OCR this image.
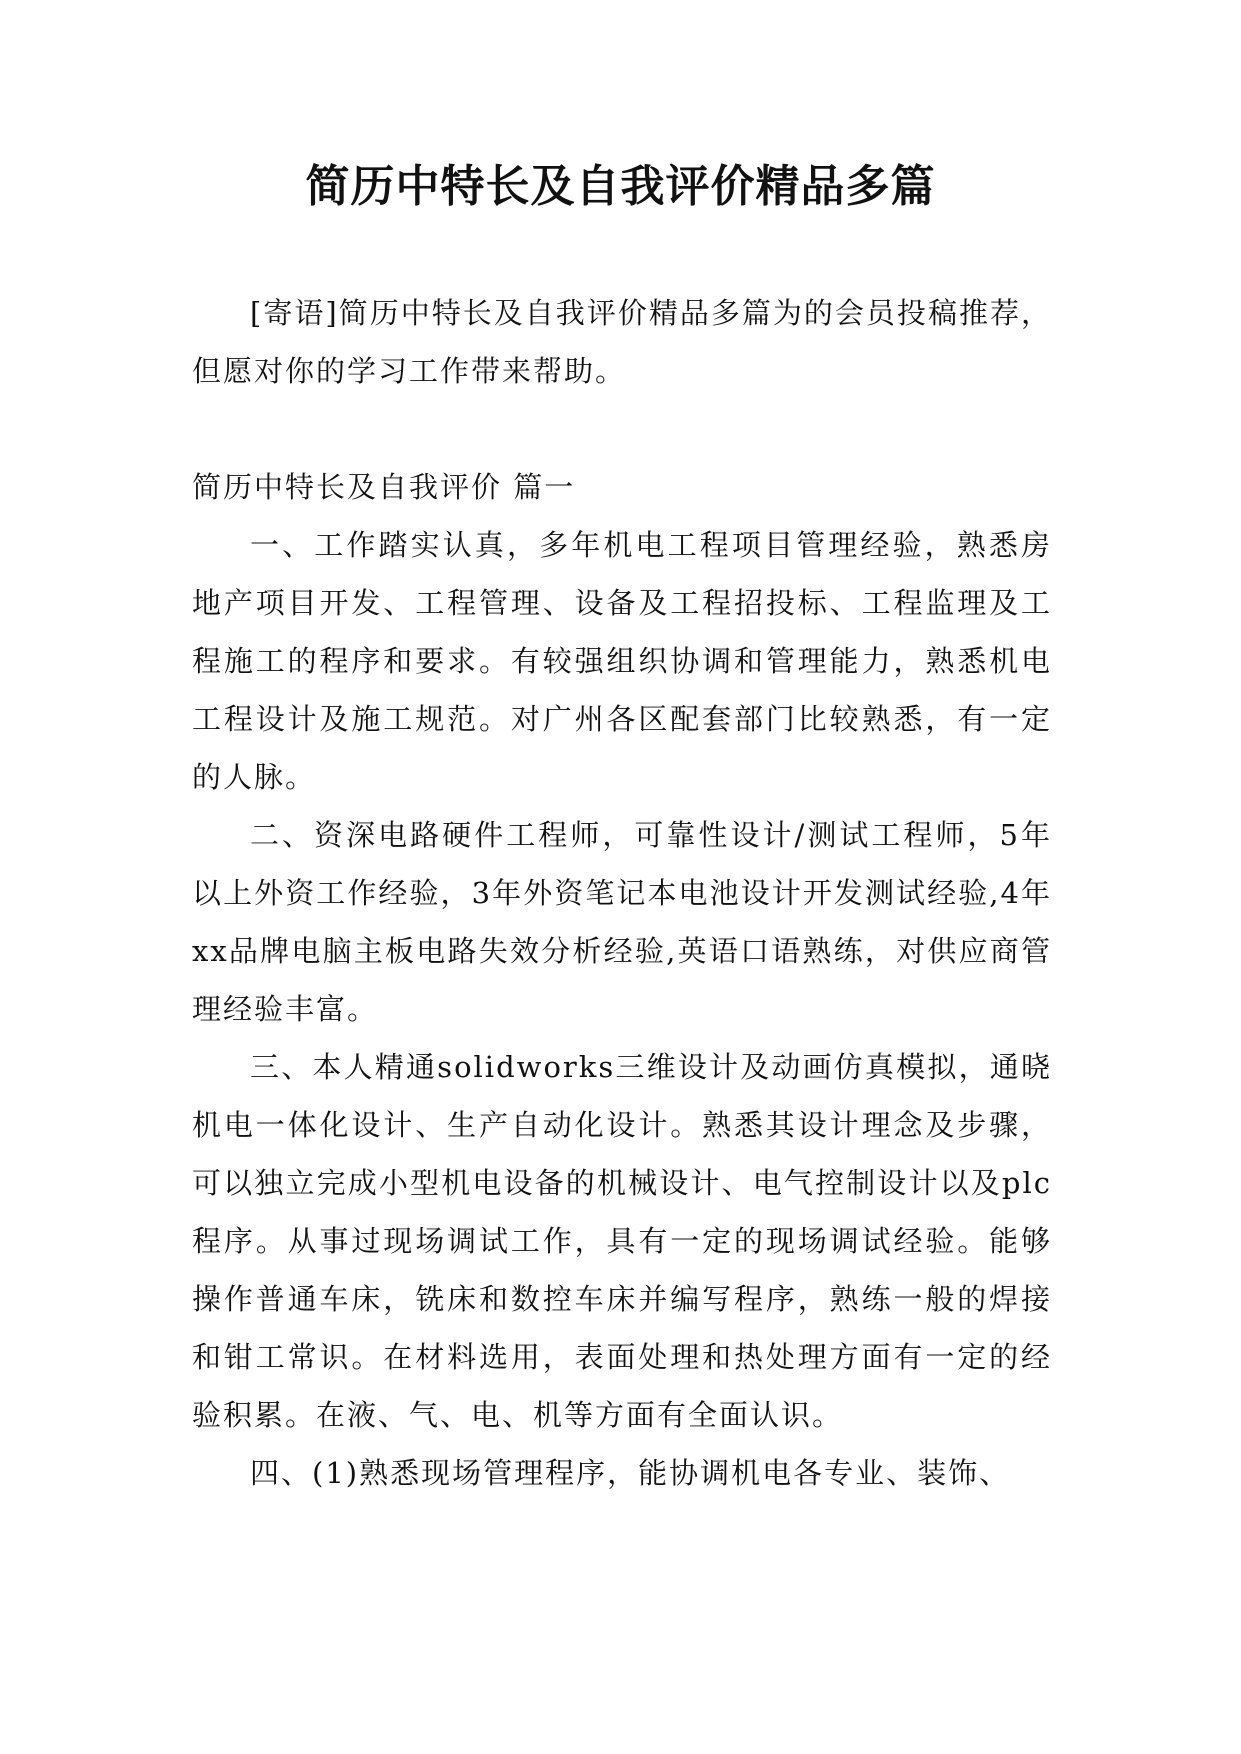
简历中特长及自我评价精品多篇

[寄语]简历中特长及自我评价精品多篇为的会员投稿推荐，但愿对你的学习工作带来帮助。

简历中特长及自我评价 篇一

一、工作踏实认真，多年机电工程项目管理经验，熟悉房地产项目开发、工程管理、设备及工程招投标、工程监理及工程施工的程序和要求。有较强组织协调和管理能力，熟悉机电工程设计及施工规范。对广州各区配套部门比较熟悉，有一定的人脉。

二、资深电路硬件工程师，可靠性设计/测试工程师，5年以上外资工作经验，3年外资笔记本电池设计开发测试经验,4年xx品牌电脑主板电路失效分析经验,英语口语熟练，对供应商管理经验丰富。

三、本人精通solidworks三维设计及动画仿真模拟，通晓机电一体化设计、生产自动化设计。熟悉其设计理念及步骤，可以独立完成小型机电设备的机械设计、电气控制设计以及plc程序。从事过现场调试工作，具有一定的现场调试经验。能够操作普通车床，铣床和数控车床并编写程序，熟练一般的焊接和钳工常识。在材料选用，表面处理和热处理方面有一定的经验积累。在液、气、电、机等方面有全面认识。

四、(1)熟悉现场管理程序，能协调机电各专业、装饰、
